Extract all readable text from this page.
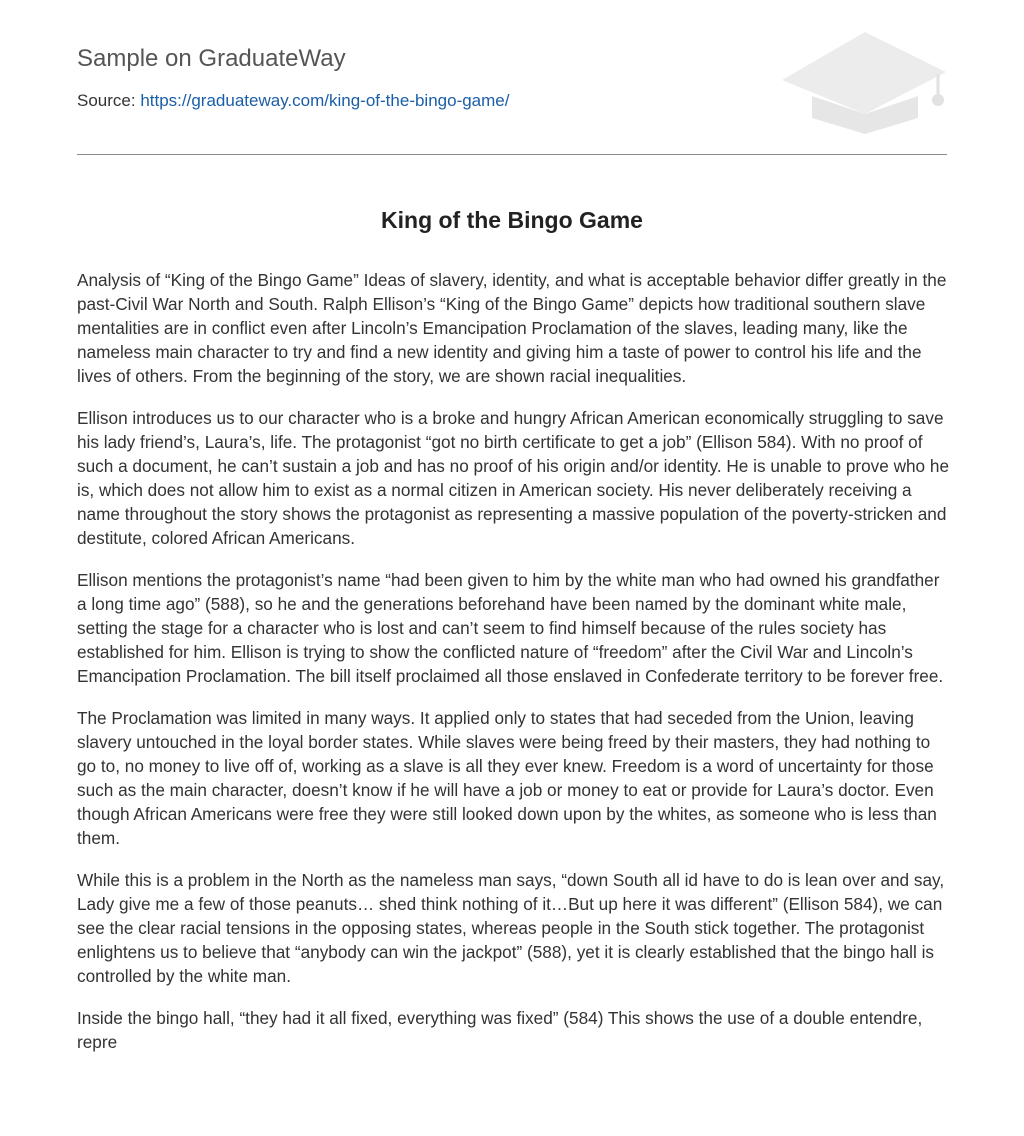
Sample on GraduateWay
Source: https://graduateway.com/king-of-the-bingo-game/
King of the Bingo Game

Analysis of “King of the Bingo Game” Ideas of slavery, identity, and what is acceptable behavior differ greatly in the past-Civil War North and South. Ralph Ellison’s “King of the Bingo Game” depicts how traditional southern slave mentalities are in conflict even after Lincoln’s Emancipation Proclamation of the slaves, leading many, like the nameless main character to try and find a new identity and giving him a taste of power to control his life and the lives of others. From the beginning of the story, we are shown racial inequalities.

Ellison introduces us to our character who is a broke and hungry African American economically struggling to save his lady friend’s, Laura’s, life. The protagonist “got no birth certificate to get a job” (Ellison 584). With no proof of such a document, he can’t sustain a job and has no proof of his origin and/or identity. He is unable to prove who he is, which does not allow him to exist as a normal citizen in American society. His never deliberately receiving a name throughout the story shows the protagonist as representing a massive population of the poverty-stricken and destitute, colored African Americans.

Ellison mentions the protagonist’s name “had been given to him by the white man who had owned his grandfather a long time ago” (588), so he and the generations beforehand have been named by the dominant white male, setting the stage for a character who is lost and can’t seem to find himself because of the rules society has established for him. Ellison is trying to show the conflicted nature of “freedom” after the Civil War and Lincoln’s Emancipation Proclamation. The bill itself proclaimed all those enslaved in Confederate territory to be forever free.

The Proclamation was limited in many ways. It applied only to states that had seceded from the Union, leaving slavery untouched in the loyal border states. While slaves were being freed by their masters, they had nothing to go to, no money to live off of, working as a slave is all they ever knew. Freedom is a word of uncertainty for those such as the main character, doesn’t know if he will have a job or money to eat or provide for Laura’s doctor. Even though African Americans were free they were still looked down upon by the whites, as someone who is less than them.

While this is a problem in the North as the nameless man says, “down South all id have to do is lean over and say, Lady give me a few of those peanuts… shed think nothing of it…But up here it was different” (Ellison 584), we can see the clear racial tensions in the opposing states, whereas people in the South stick together. The protagonist enlightens us to believe that “anybody can win the jackpot” (588), yet it is clearly established that the bingo hall is controlled by the white man.

Inside the bingo hall, “they had it all fixed, everything was fixed” (584) This shows the use of a double entendre, repre
